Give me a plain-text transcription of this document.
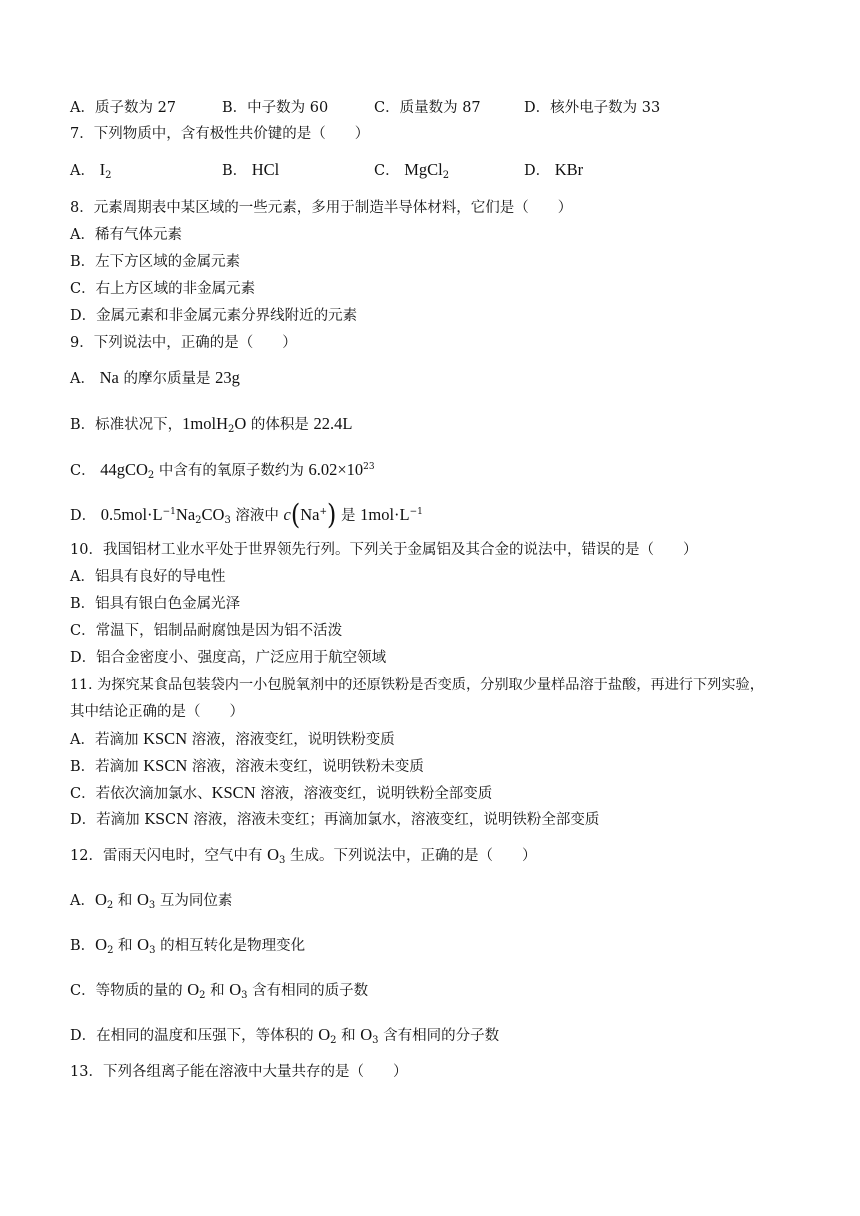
A．质子数为 27	B．中子数为 60	C．质量数为 87	D．核外电子数为 33
7．下列物质中，含有极性共价键的是（　　）
A． $I_2$	B． HCl	C． MgCl$_2$	D． KBr
8．元素周期表中某区域的一些元素，多用于制造半导体材料，它们是（　　）
A．稀有气体元素
B．左下方区域的金属元素
C．右上方区域的非金属元素
D．金属元素和非金属元素分界线附近的元素
9．下列说法中，正确的是（　　）
A． Na 的摩尔质量是 23g
B．标准状况下，1molH$_2$O 的体积是 22.4L
C． 44gCO$_2$ 中含有的氧原子数约为 $6.02\times 10^{23}$
D． $0.5mol\cdot L^{-1}Na_2CO_3$ 溶液中 c(Na+) 是 $1mol\cdot L^{-1}$
10．我国铝材工业水平处于世界领先行列。下列关于金属铝及其合金的说法中，错误的是（　　）
A．铝具有良好的导电性
B．铝具有银白色金属光泽
C．常温下，铝制品耐腐蚀是因为铝不活泼
D．铝合金密度小、强度高，广泛应用于航空领域
11. 为探究某食品包装袋内一小包脱氧剂中的还原铁粉是否变质，分别取少量样品溶于盐酸，再进行下列实验，
其中结论正确的是（　　）
A．若滴加 KSCN 溶液，溶液变红，说明铁粉变质
B．若滴加 KSCN 溶液，溶液未变红，说明铁粉未变质
C．若依次滴加氯水、KSCN 溶液，溶液变红，说明铁粉全部变质
D．若滴加 KSCN 溶液，溶液未变红；再滴加氯水，溶液变红，说明铁粉全部变质
12．雷雨天闪电时，空气中有 $O_3$ 生成。下列说法中，正确的是（　　）
A．$O_2$ 和 $O_3$ 互为同位素
B．$O_2$ 和 $O_3$ 的相互转化是物理变化
C．等物质的量的 $O_2$ 和 $O_3$ 含有相同的质子数
D．在相同的温度和压强下，等体积的 $O_2$ 和 $O_3$ 含有相同的分子数
13．下列各组离子能在溶液中大量共存的是（　　）
